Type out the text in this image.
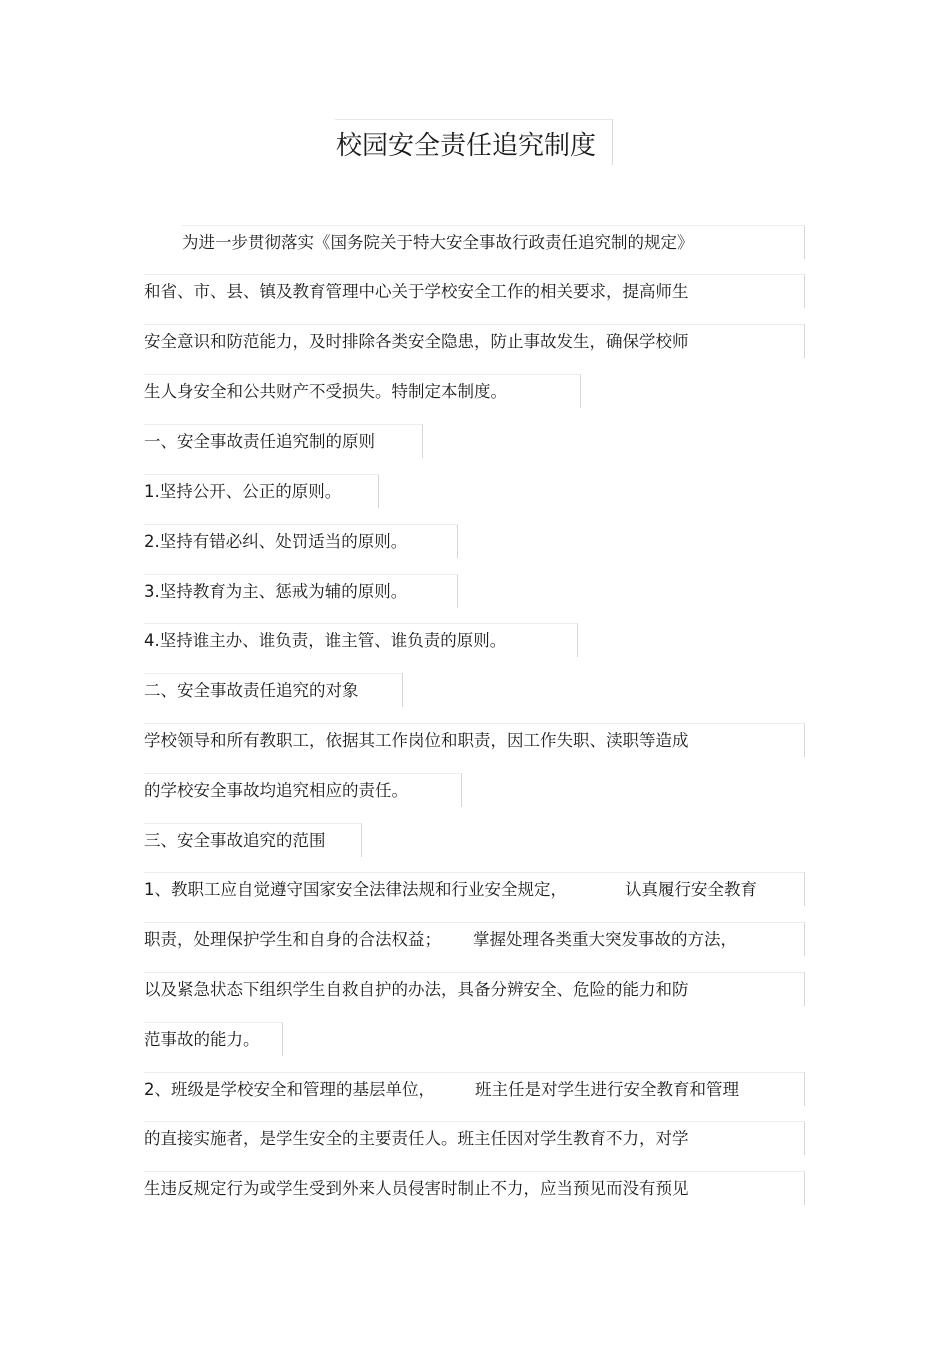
校园安全责任追究制度

为进一步贯彻落实《国务院关于特大安全事故行政责任追究制的规定》

和省、市、县、镇及教育管理中心关于学校安全工作的相关要求，提高师生

安全意识和防范能力，及时排除各类安全隐患，防止事故发生，确保学校师

生人身安全和公共财产不受损失。特制定本制度。

一、安全事故责任追究制的原则

1.坚持公开、公正的原则。

2.坚持有错必纠、处罚适当的原则。

3.坚持教育为主、惩戒为辅的原则。

4.坚持谁主办、谁负责，谁主管、谁负责的原则。

二、安全事故责任追究的对象

学校领导和所有教职工，依据其工作岗位和职责，因工作失职、渎职等造成

的学校安全事故均追究相应的责任。

三、安全事故追究的范围

1、教职工应自觉遵守国家安全法律法规和行业安全规定，	认真履行安全教育

职责，处理保护学生和自身的合法权益； 掌握处理各类重大突发事故的方法，

以及紧急状态下组织学生自救自护的办法，具备分辨安全、危险的能力和防

范事故的能力。

2、班级是学校安全和管理的基层单位， 班主任是对学生进行安全教育和管理

的直接实施者，是学生安全的主要责任人。班主任因对学生教育不力，对学

生违反规定行为或学生受到外来人员侵害时制止不力，应当预见而没有预见
